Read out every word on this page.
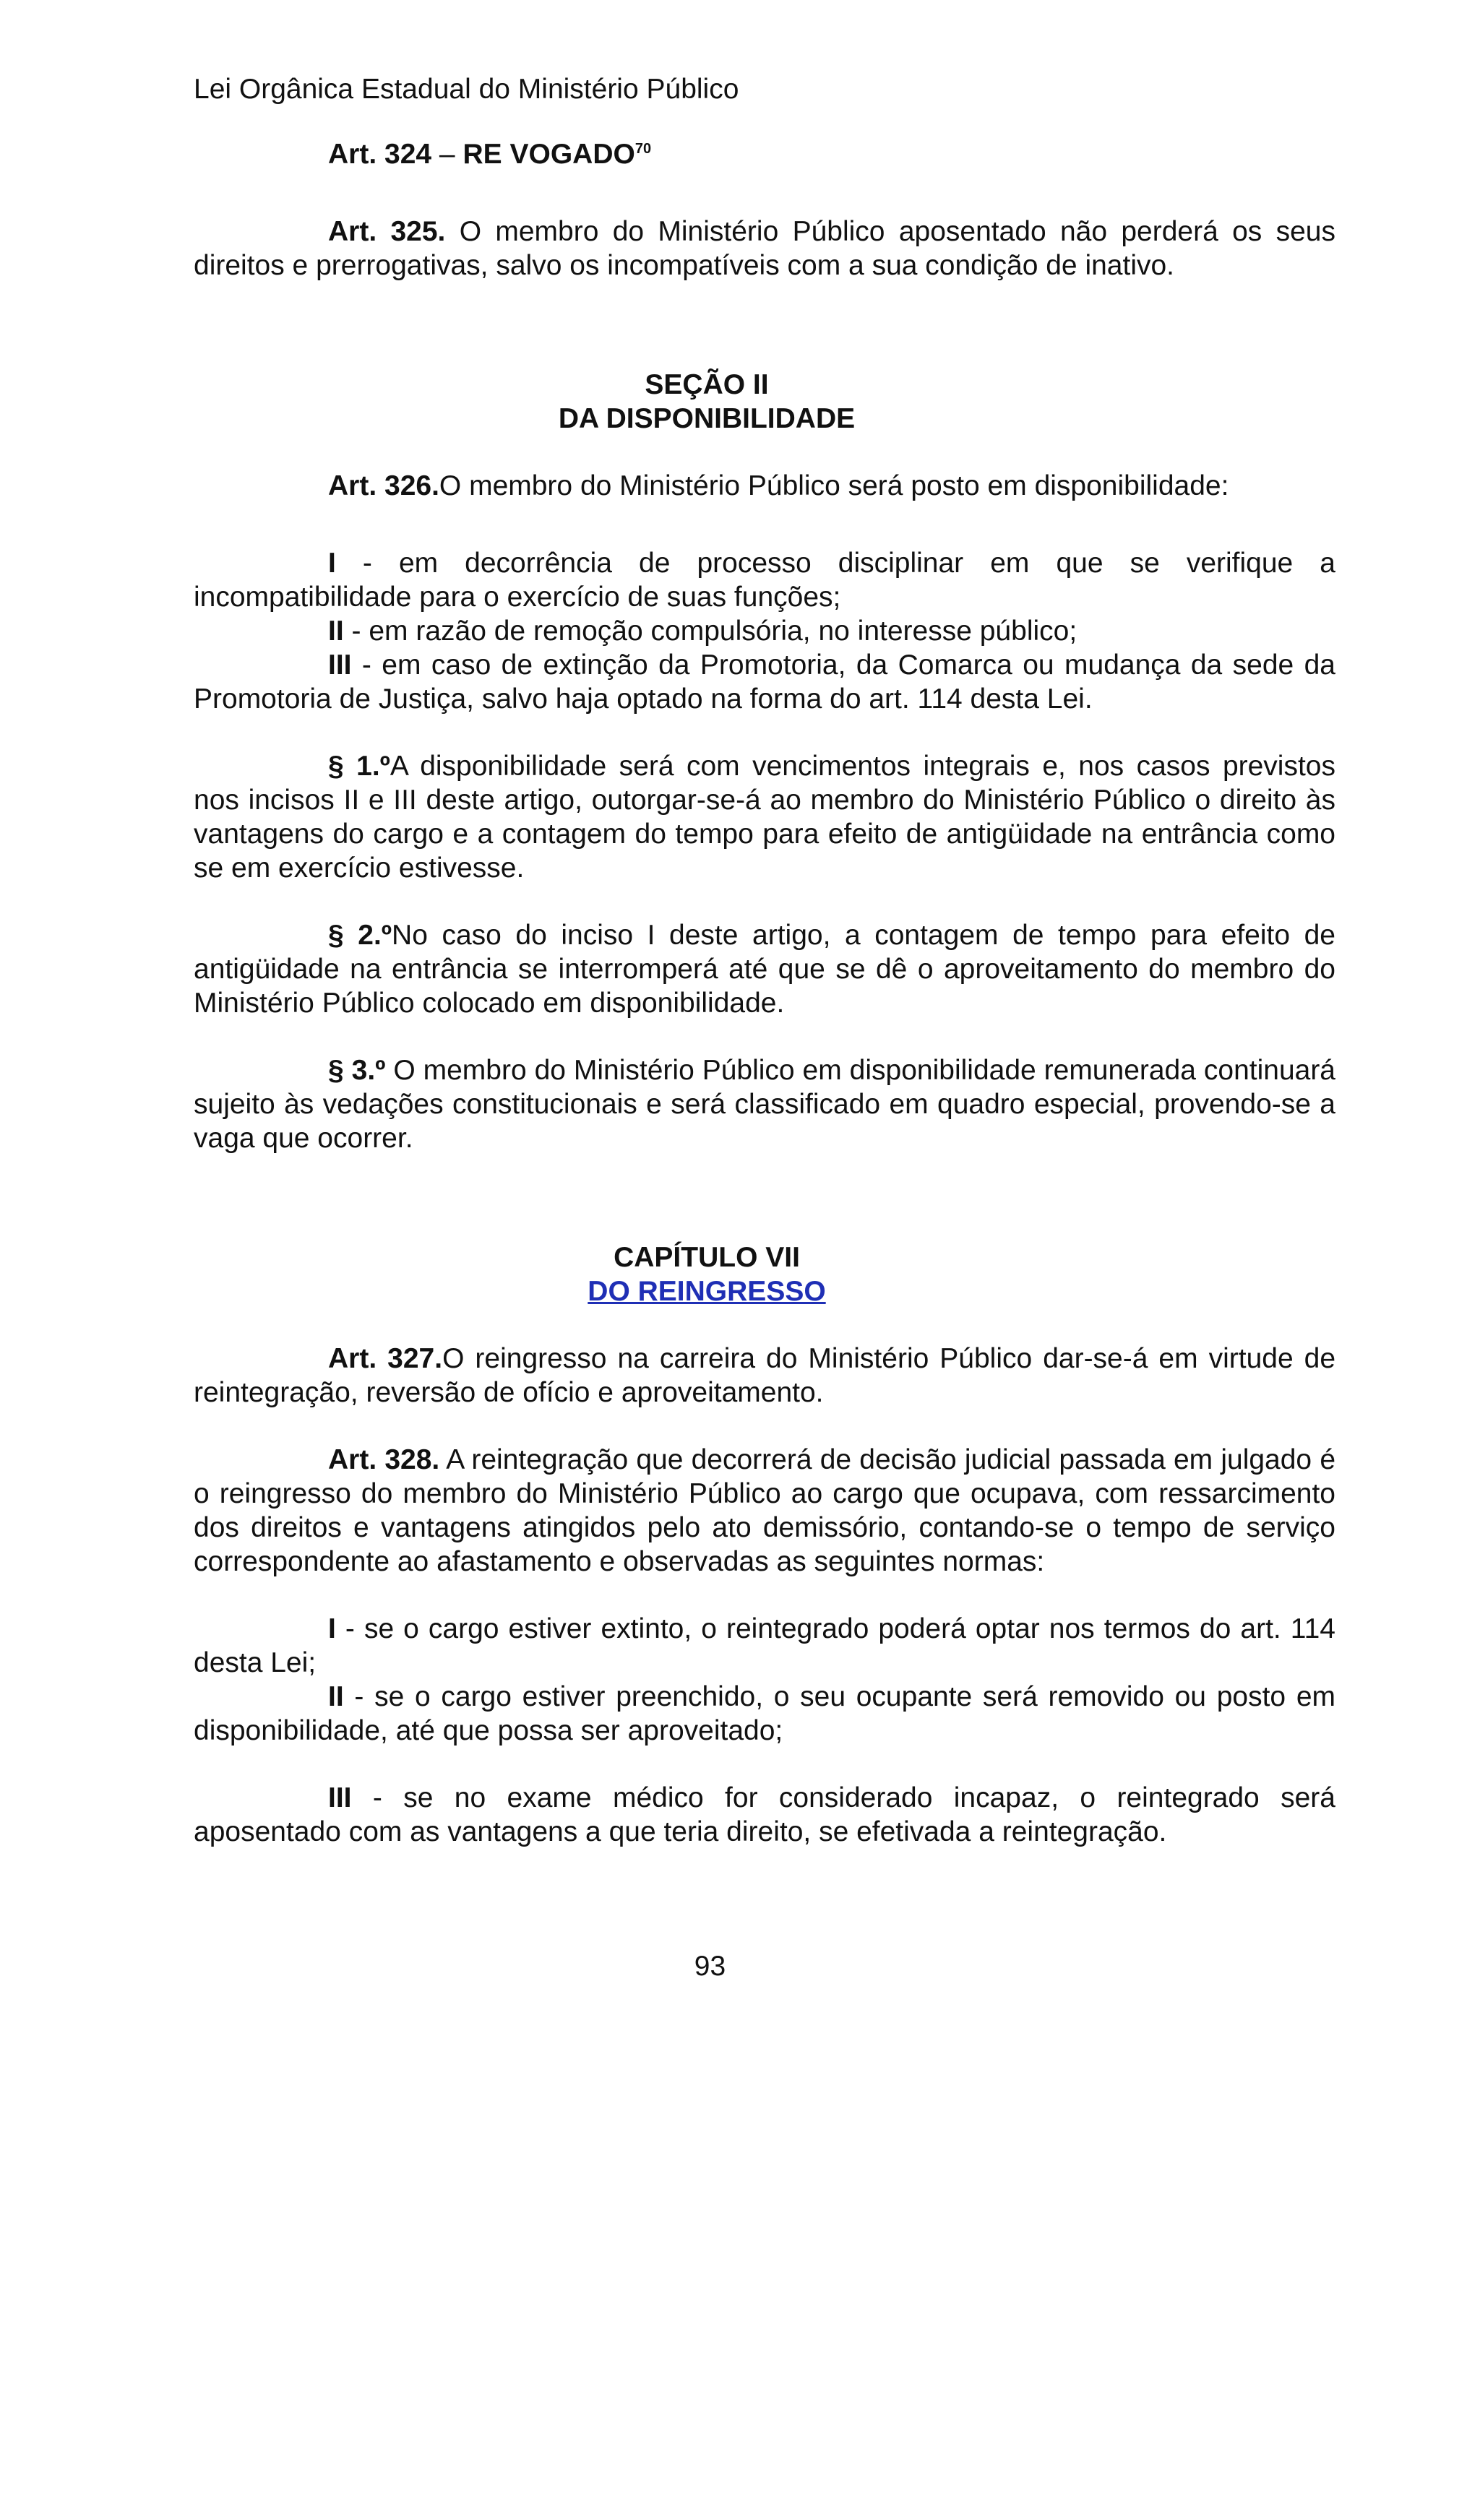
Lei Orgânica Estadual do Ministério Público

Art. 324 – RE VOGADO$^{70}$

Art. 325. O membro do Ministério Público aposentado não perderá os seus direitos e prerrogativas, salvo os incompatíveis com a sua condição de inativo.

SEÇÃO II
DA DISPONIBILIDADE

Art. 326.O membro do Ministério Público será posto em disponibilidade:

I - em decorrência de processo disciplinar em que se verifique a incompatibilidade para o exercício de suas funções;

II - em razão de remoção compulsória, no interesse público;

III - em caso de extinção da Promotoria, da Comarca ou mudança da sede da Promotoria de Justiça, salvo haja optado na forma do art. 114 desta Lei.

§ 1.ºA disponibilidade será com vencimentos integrais e, nos casos previstos nos incisos II e III deste artigo, outorgar-se-á ao membro do Ministério Público o direito às vantagens do cargo e a contagem do tempo para efeito de antigüidade na entrância como se em exercício estivesse.

§ 2.ºNo caso do inciso I deste artigo, a contagem de tempo para efeito de antigüidade na entrância se interromperá até que se dê o aproveitamento do membro do Ministério Público colocado em disponibilidade.

§ 3.º O membro do Ministério Público em disponibilidade remunerada continuará sujeito às vedações constitucionais e será classificado em quadro especial, provendo-se a vaga que ocorrer.

CAPÍTULO VII
DO REINGRESSO

Art. 327.O reingresso na carreira do Ministério Público dar-se-á em virtude de reintegração, reversão de ofício e aproveitamento.

Art. 328. A reintegração que decorrerá de decisão judicial passada em julgado é o reingresso do membro do Ministério Público ao cargo que ocupava, com ressarcimento dos direitos e vantagens atingidos pelo ato demissório, contando-se o tempo de serviço correspondente ao afastamento e observadas as seguintes normas:

I - se o cargo estiver extinto, o reintegrado poderá optar nos termos do art. 114 desta Lei;

II - se o cargo estiver preenchido, o seu ocupante será removido ou posto em disponibilidade, até que possa ser aproveitado;

III - se no exame médico for considerado incapaz, o reintegrado será aposentado com as vantagens a que teria direito, se efetivada a reintegração.

93
